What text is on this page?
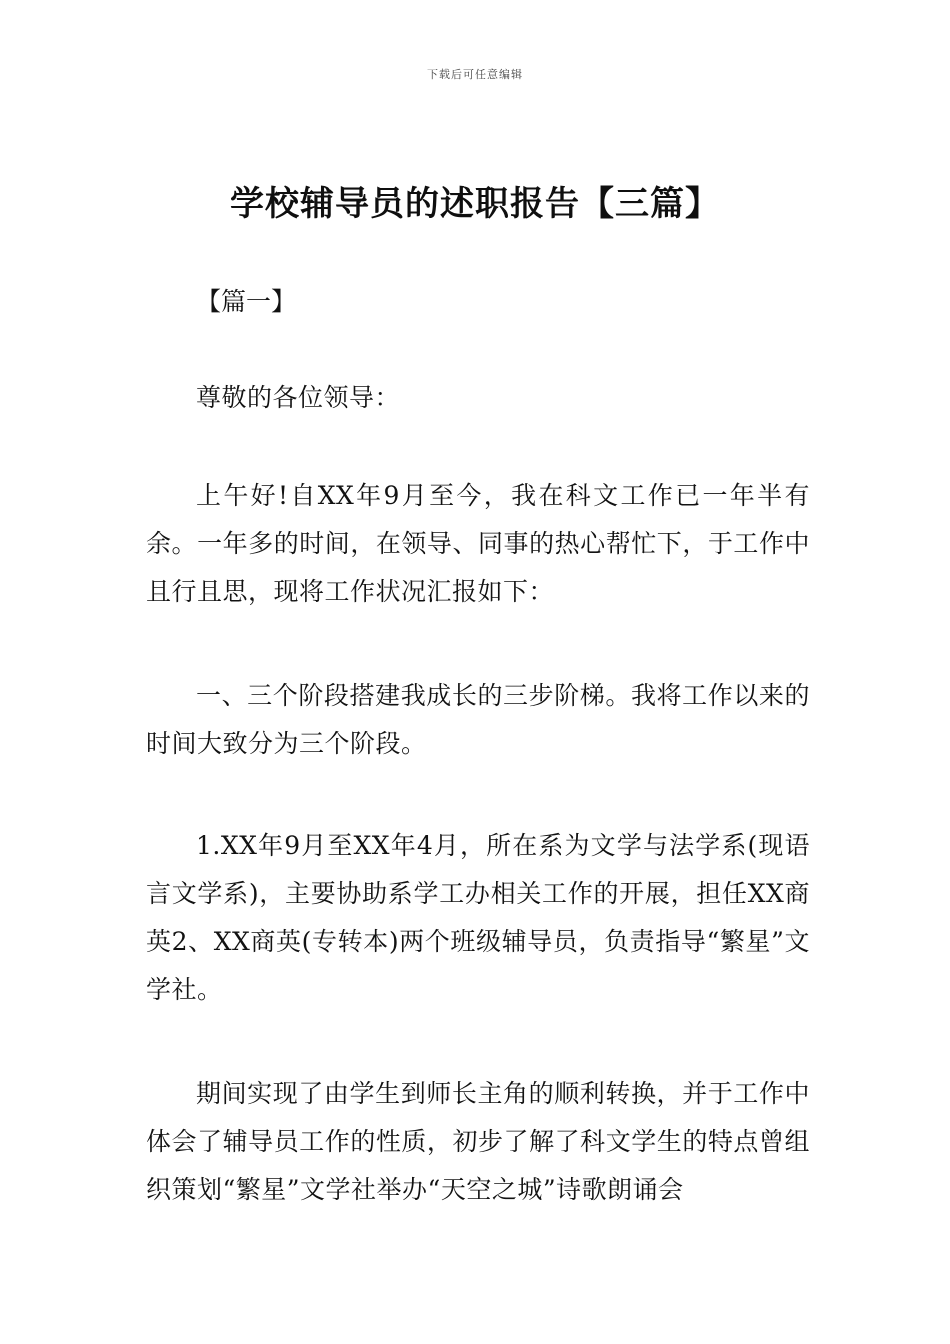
下载后可任意编辑
学校辅导员的述职报告【三篇】
【篇一】
尊敬的各位领导：
上午好!自XX年9月至今，我在科文工作已一年半有余。一年多的时间，在领导、同事的热心帮忙下，于工作中且行且思，现将工作状况汇报如下：
一、三个阶段搭建我成长的三步阶梯。我将工作以来的时间大致分为三个阶段。
1.XX年9月至XX年4月，所在系为文学与法学系(现语言文学系)，主要协助系学工办相关工作的开展，担任XX商英2、XX商英(专转本)两个班级辅导员，负责指导“繁星”文学社。
期间实现了由学生到师长主角的顺利转换，并于工作中体会了辅导员工作的性质，初步了解了科文学生的特点曾组织策划“繁星”文学社举办“天空之城”诗歌朗诵会
